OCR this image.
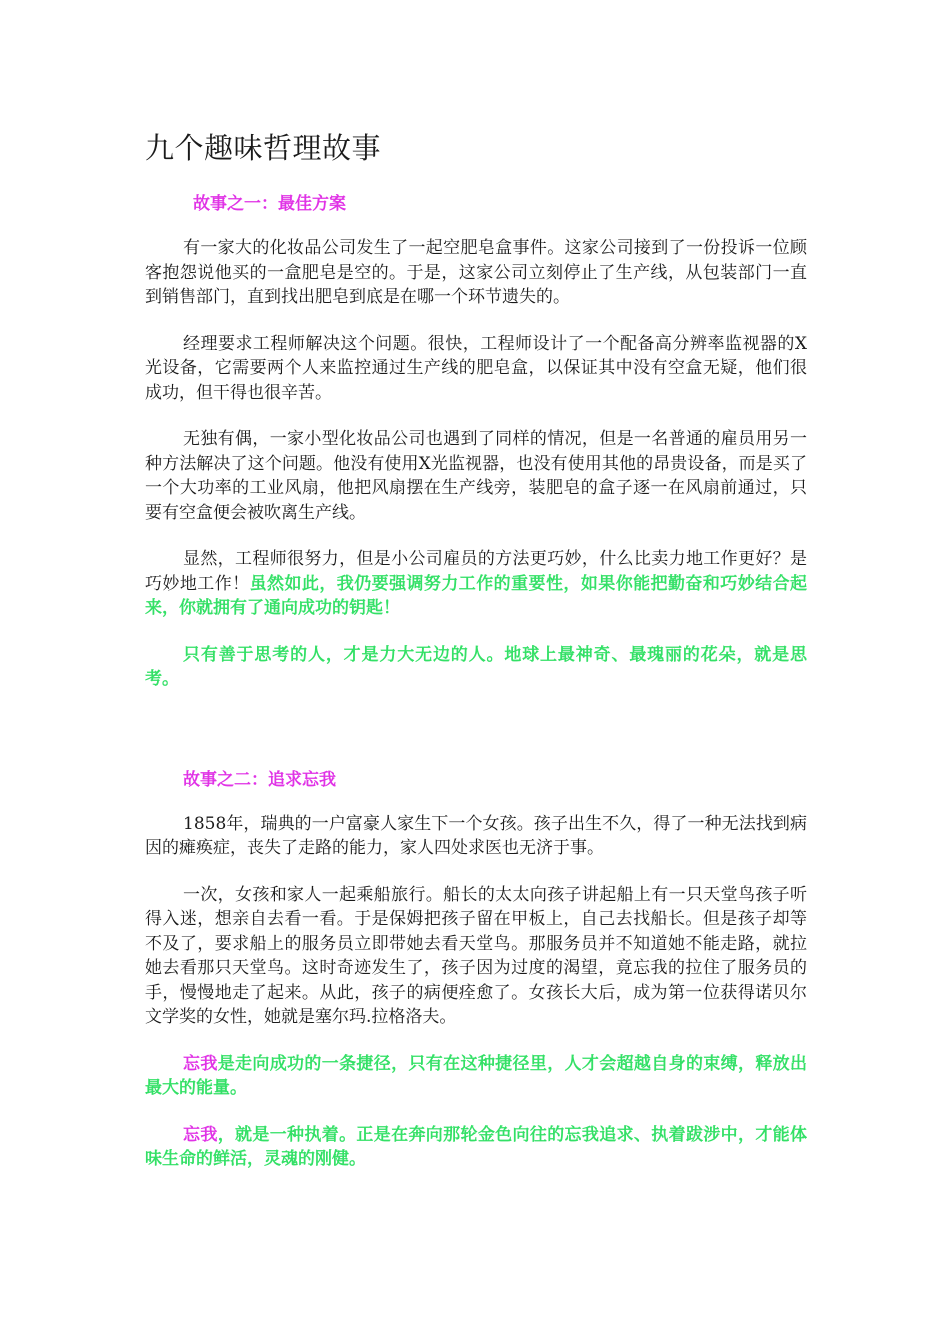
九个趣味哲理故事
故事之一：最佳方案

有一家大的化妆品公司发生了一起空肥皂盒事件。这家公司接到了一份投诉一位顾客抱怨说他买的一盒肥皂是空的。于是，这家公司立刻停止了生产线，从包装部门一直到销售部门，直到找出肥皂到底是在哪一个环节遗失的。

经理要求工程师解决这个问题。很快，工程师设计了一个配备高分辨率监视器的X光设备，它需要两个人来监控通过生产线的肥皂盒，以保证其中没有空盒无疑，他们很成功，但干得也很辛苦。

无独有偶，一家小型化妆品公司也遇到了同样的情况，但是一名普通的雇员用另一种方法解决了这个问题。他没有使用X光监视器，也没有使用其他的昂贵设备，而是买了一个大功率的工业风扇，他把风扇摆在生产线旁，装肥皂的盒子逐一在风扇前通过，只要有空盒便会被吹离生产线。

显然，工程师很努力，但是小公司雇员的方法更巧妙，什么比卖力地工作更好？是巧妙地工作！虽然如此，我仍要强调努力工作的重要性，如果你能把勤奋和巧妙结合起来，你就拥有了通向成功的钥匙！

只有善于思考的人，才是力大无边的人。地球上最神奇、最瑰丽的花朵，就是思考。

故事之二：追求忘我

1858年，瑞典的一户富豪人家生下一个女孩。孩子出生不久，得了一种无法找到病因的瘫痪症，丧失了走路的能力，家人四处求医也无济于事。

一次，女孩和家人一起乘船旅行。船长的太太向孩子讲起船上有一只天堂鸟孩子听得入迷，想亲自去看一看。于是保姆把孩子留在甲板上，自己去找船长。但是孩子却等不及了，要求船上的服务员立即带她去看天堂鸟。那服务员并不知道她不能走路，就拉她去看那只天堂鸟。这时奇迹发生了，孩子因为过度的渴望，竟忘我的拉住了服务员的手，慢慢地走了起来。从此，孩子的病便痊愈了。女孩长大后，成为第一位获得诺贝尔文学奖的女性，她就是塞尔玛.拉格洛夫。

忘我是走向成功的一条捷径，只有在这种捷径里，人才会超越自身的束缚，释放出最大的能量。

忘我，就是一种执着。正是在奔向那轮金色向往的忘我追求、执着跋涉中，才能体味生命的鲜活，灵魂的刚健。
